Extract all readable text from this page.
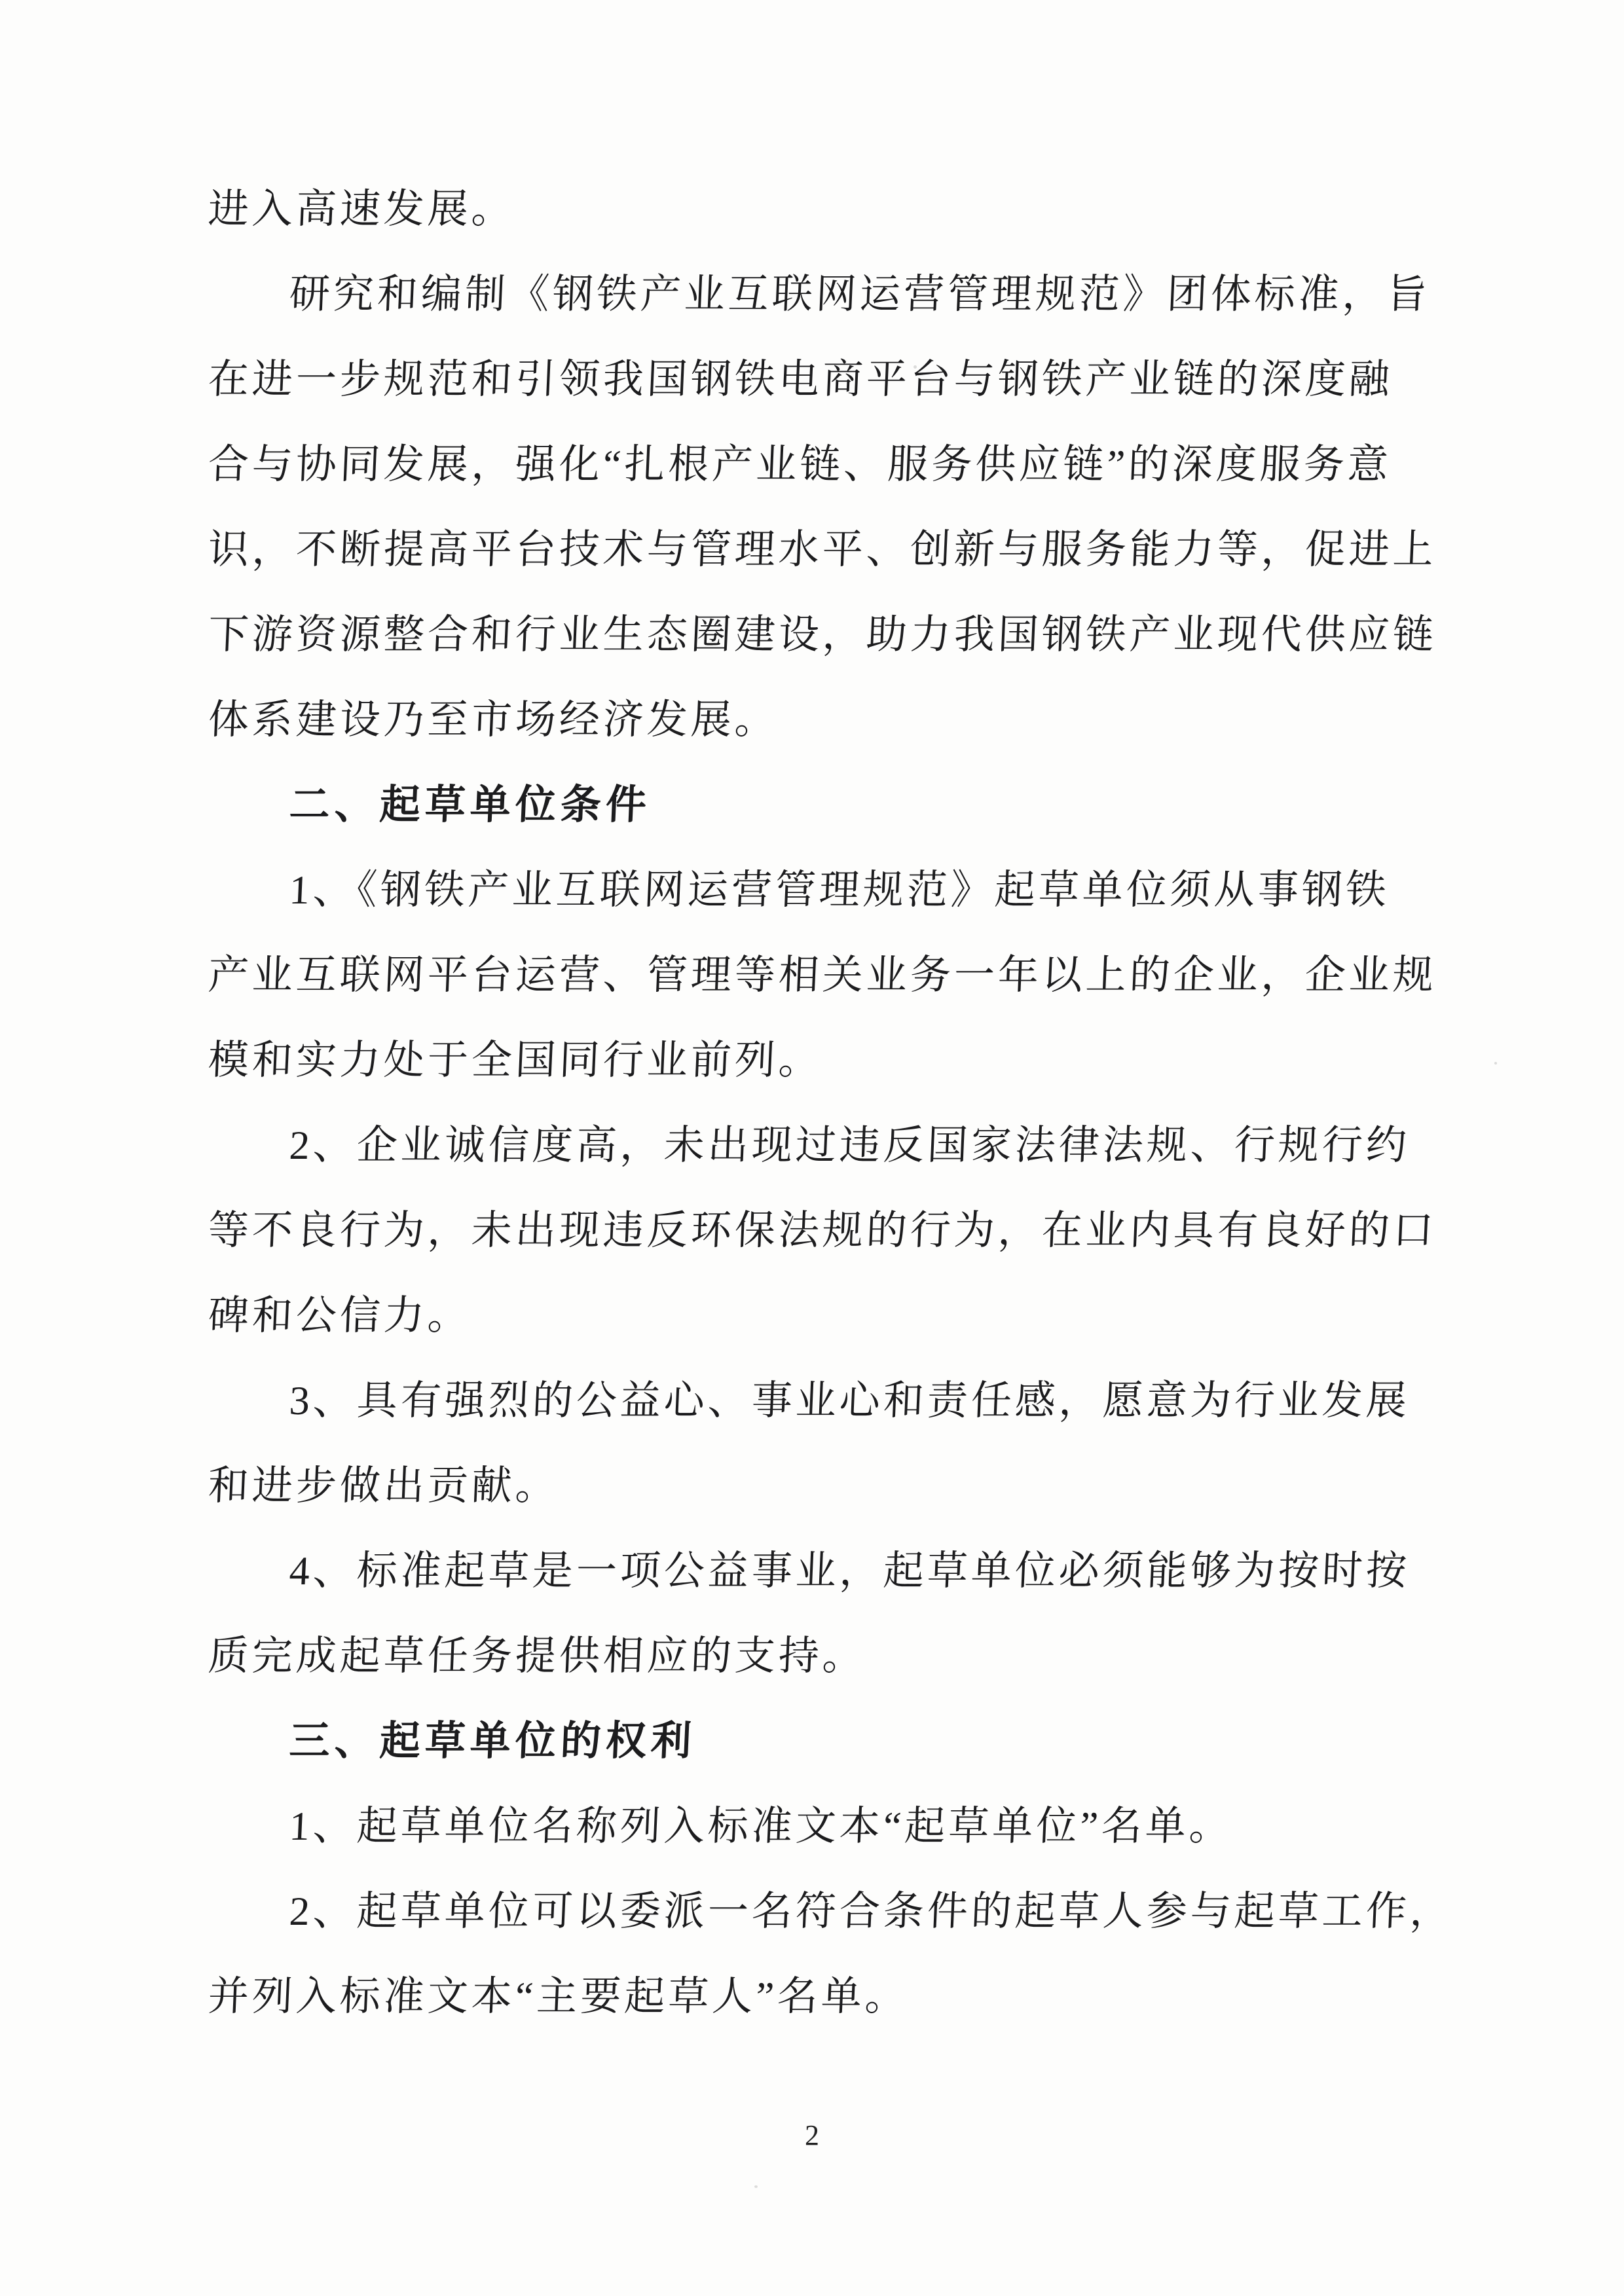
进入高速发展。
研究和编制《钢铁产业互联网运营管理规范》团体标准，旨
在进一步规范和引领我国钢铁电商平台与钢铁产业链的深度融
合与协同发展，强化“扎根产业链、服务供应链”的深度服务意
识，不断提高平台技术与管理水平、创新与服务能力等，促进上
下游资源整合和行业生态圈建设，助力我国钢铁产业现代供应链
体系建设乃至市场经济发展。
二、起草单位条件
1、《钢铁产业互联网运营管理规范》起草单位须从事钢铁
产业互联网平台运营、管理等相关业务一年以上的企业，企业规
模和实力处于全国同行业前列。
2、企业诚信度高，未出现过违反国家法律法规、行规行约
等不良行为，未出现违反环保法规的行为，在业内具有良好的口
碑和公信力。
3、具有强烈的公益心、事业心和责任感，愿意为行业发展
和进步做出贡献。
4、标准起草是一项公益事业，起草单位必须能够为按时按
质完成起草任务提供相应的支持。
三、起草单位的权利
1、起草单位名称列入标准文本“起草单位”名单。
2、起草单位可以委派一名符合条件的起草人参与起草工作，
并列入标准文本“主要起草人”名单。
2
